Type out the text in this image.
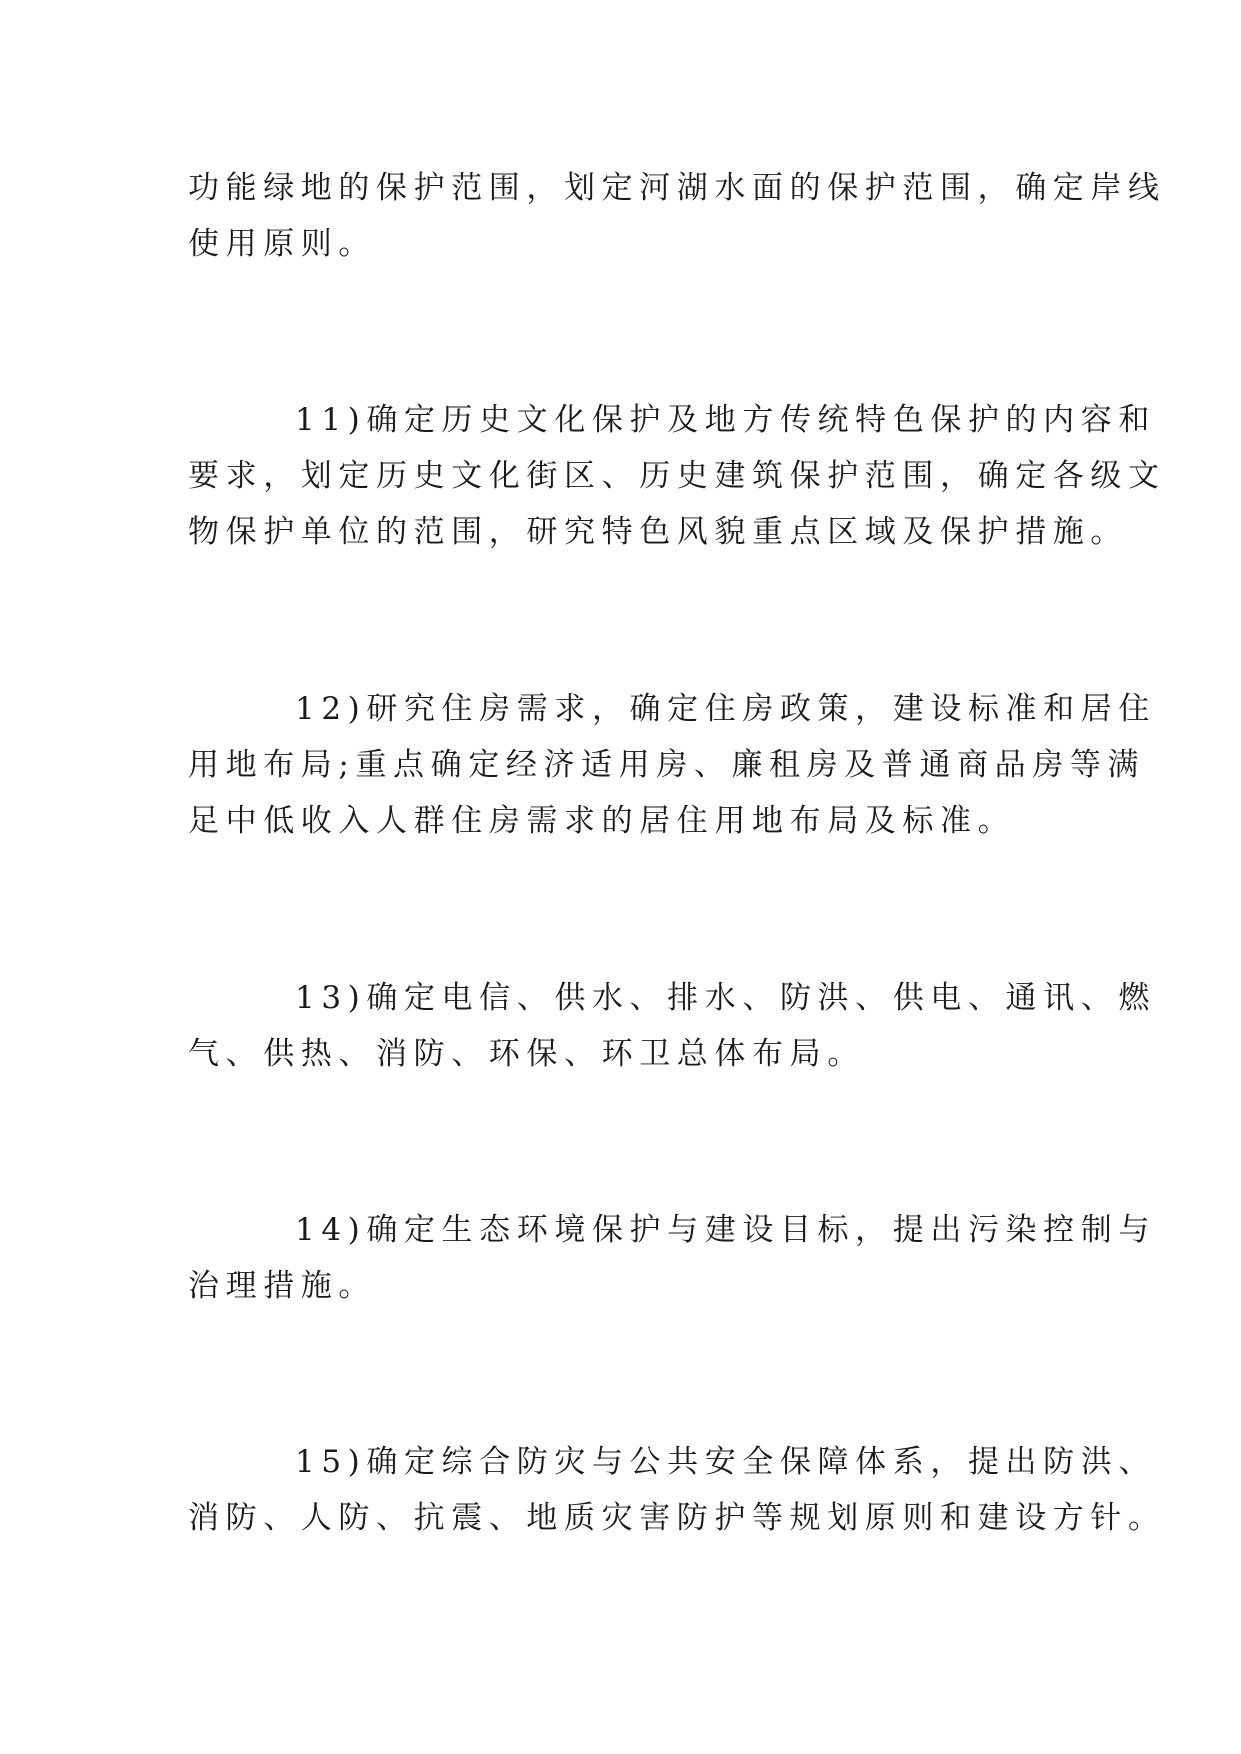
功能绿地的保护范围，划定河湖水面的保护范围，确定岸线

使用原则。

11)确定历史文化保护及地方传统特色保护的内容和

要求，划定历史文化街区、历史建筑保护范围，确定各级文

物保护单位的范围，研究特色风貌重点区域及保护措施。

12)研究住房需求，确定住房政策，建设标准和居住

用地布局;重点确定经济适用房、廉租房及普通商品房等满

足中低收入人群住房需求的居住用地布局及标准。

13)确定电信、供水、排水、防洪、供电、通讯、燃

气、供热、消防、环保、环卫总体布局。

14)确定生态环境保护与建设目标，提出污染控制与

治理措施。

15)确定综合防灾与公共安全保障体系，提出防洪、

消防、人防、抗震、地质灾害防护等规划原则和建设方针。
